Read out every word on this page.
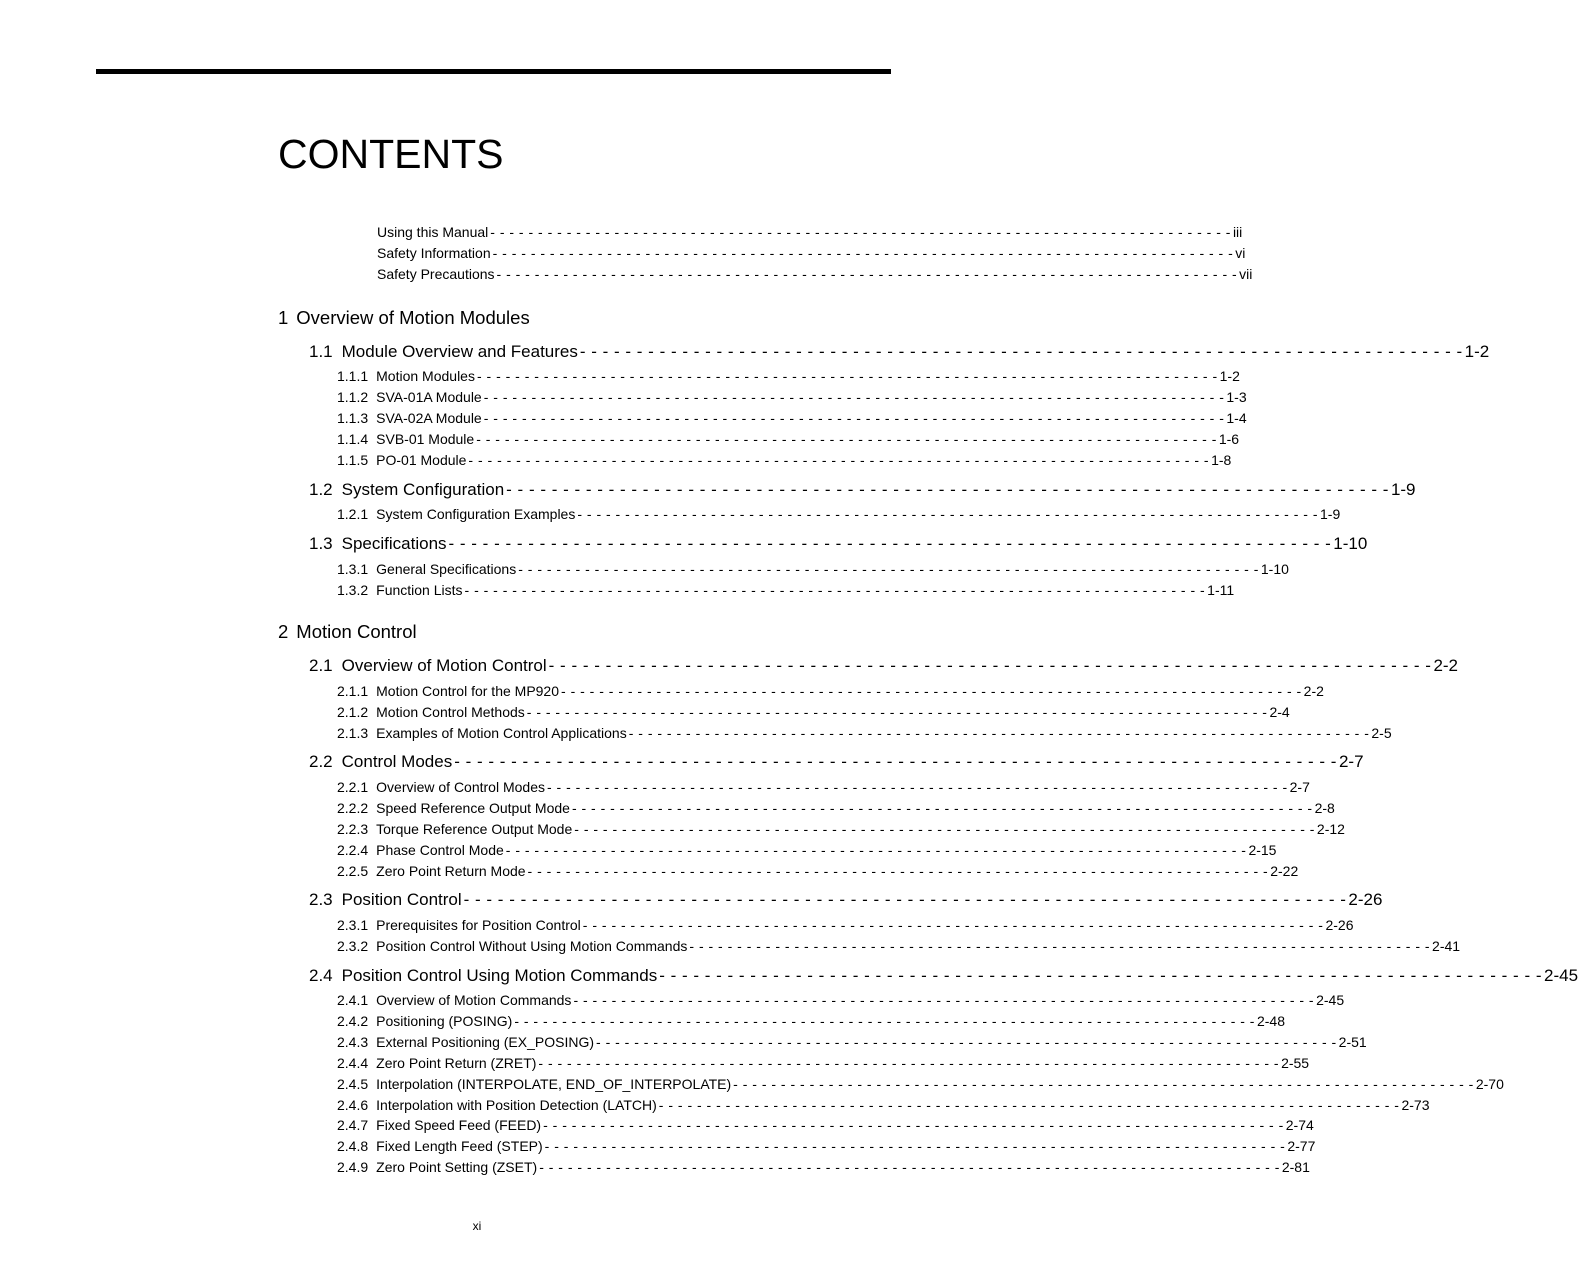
CONTENTS
Using this Manual - - - - - - - - - - - - - - - - - - - - - - - - - - - - - - - - - - - - - - - - - - - - - - - - - - - - - - - - - - - - - - - - - - - - - - - - - - - - - - iii
Safety Information - - - - - - - - - - - - - - - - - - - - - - - - - - - - - - - - - - - - - - - - - - - - - - - - - - - - - - - - - - - - - - - - - - - - - - - - - - - - - - vi
Safety Precautions - - - - - - - - - - - - - - - - - - - - - - - - - - - - - - - - - - - - - - - - - - - - - - - - - - - - - - - - - - - - - - - - - - - - - - - - - - - - - - vii
1 Overview of Motion Modules
1.1 Module Overview and Features - - - - - - - - - - - - - - - - - - - - - - - - - - - - - - - - - - - - - - - - - - - - - - - - - - - - - - - - - - - - - - - - - - - - - - - - - - - - - - 1-2
1.1.1 Motion Modules - - - - - - - - - - - - - - - - - - - - - - - - - - - - - - - - - - - - - - - - - - - - - - - - - - - - - - - - - - - - - - - - - - - - - - - - - - - - - - 1-2
1.1.2 SVA-01A Module - - - - - - - - - - - - - - - - - - - - - - - - - - - - - - - - - - - - - - - - - - - - - - - - - - - - - - - - - - - - - - - - - - - - - - - - - - - - - - 1-3
1.1.3 SVA-02A Module - - - - - - - - - - - - - - - - - - - - - - - - - - - - - - - - - - - - - - - - - - - - - - - - - - - - - - - - - - - - - - - - - - - - - - - - - - - - - - 1-4
1.1.4 SVB-01 Module - - - - - - - - - - - - - - - - - - - - - - - - - - - - - - - - - - - - - - - - - - - - - - - - - - - - - - - - - - - - - - - - - - - - - - - - - - - - - - 1-6
1.1.5 PO-01 Module - - - - - - - - - - - - - - - - - - - - - - - - - - - - - - - - - - - - - - - - - - - - - - - - - - - - - - - - - - - - - - - - - - - - - - - - - - - - - - 1-8
1.2 System Configuration - - - - - - - - - - - - - - - - - - - - - - - - - - - - - - - - - - - - - - - - - - - - - - - - - - - - - - - - - - - - - - - - - - - - - - - - - - - - - - 1-9
1.2.1 System Configuration Examples - - - - - - - - - - - - - - - - - - - - - - - - - - - - - - - - - - - - - - - - - - - - - - - - - - - - - - - - - - - - - - - - - - - - - - - - - - - - - - 1-9
1.3 Specifications - - - - - - - - - - - - - - - - - - - - - - - - - - - - - - - - - - - - - - - - - - - - - - - - - - - - - - - - - - - - - - - - - - - - - - - - - - - - - - 1-10
1.3.1 General Specifications - - - - - - - - - - - - - - - - - - - - - - - - - - - - - - - - - - - - - - - - - - - - - - - - - - - - - - - - - - - - - - - - - - - - - - - - - - - - - - 1-10
1.3.2 Function Lists - - - - - - - - - - - - - - - - - - - - - - - - - - - - - - - - - - - - - - - - - - - - - - - - - - - - - - - - - - - - - - - - - - - - - - - - - - - - - - 1-11
2 Motion Control
2.1 Overview of Motion Control - - - - - - - - - - - - - - - - - - - - - - - - - - - - - - - - - - - - - - - - - - - - - - - - - - - - - - - - - - - - - - - - - - - - - - - - - - - - - - 2-2
2.1.1 Motion Control for the MP920 - - - - - - - - - - - - - - - - - - - - - - - - - - - - - - - - - - - - - - - - - - - - - - - - - - - - - - - - - - - - - - - - - - - - - - - - - - - - - - 2-2
2.1.2 Motion Control Methods - - - - - - - - - - - - - - - - - - - - - - - - - - - - - - - - - - - - - - - - - - - - - - - - - - - - - - - - - - - - - - - - - - - - - - - - - - - - - - 2-4
2.1.3 Examples of Motion Control Applications - - - - - - - - - - - - - - - - - - - - - - - - - - - - - - - - - - - - - - - - - - - - - - - - - - - - - - - - - - - - - - - - - - - - - - - - - - - - - - 2-5
2.2 Control Modes - - - - - - - - - - - - - - - - - - - - - - - - - - - - - - - - - - - - - - - - - - - - - - - - - - - - - - - - - - - - - - - - - - - - - - - - - - - - - - 2-7
2.2.1 Overview of Control Modes - - - - - - - - - - - - - - - - - - - - - - - - - - - - - - - - - - - - - - - - - - - - - - - - - - - - - - - - - - - - - - - - - - - - - - - - - - - - - - 2-7
2.2.2 Speed Reference Output Mode - - - - - - - - - - - - - - - - - - - - - - - - - - - - - - - - - - - - - - - - - - - - - - - - - - - - - - - - - - - - - - - - - - - - - - - - - - - - - - 2-8
2.2.3 Torque Reference Output Mode - - - - - - - - - - - - - - - - - - - - - - - - - - - - - - - - - - - - - - - - - - - - - - - - - - - - - - - - - - - - - - - - - - - - - - - - - - - - - - 2-12
2.2.4 Phase Control Mode - - - - - - - - - - - - - - - - - - - - - - - - - - - - - - - - - - - - - - - - - - - - - - - - - - - - - - - - - - - - - - - - - - - - - - - - - - - - - - 2-15
2.2.5 Zero Point Return Mode - - - - - - - - - - - - - - - - - - - - - - - - - - - - - - - - - - - - - - - - - - - - - - - - - - - - - - - - - - - - - - - - - - - - - - - - - - - - - - 2-22
2.3 Position Control - - - - - - - - - - - - - - - - - - - - - - - - - - - - - - - - - - - - - - - - - - - - - - - - - - - - - - - - - - - - - - - - - - - - - - - - - - - - - - 2-26
2.3.1 Prerequisites for Position Control - - - - - - - - - - - - - - - - - - - - - - - - - - - - - - - - - - - - - - - - - - - - - - - - - - - - - - - - - - - - - - - - - - - - - - - - - - - - - - 2-26
2.3.2 Position Control Without Using Motion Commands - - - - - - - - - - - - - - - - - - - - - - - - - - - - - - - - - - - - - - - - - - - - - - - - - - - - - - - - - - - - - - - - - - - - - - - - - - - - - - 2-41
2.4 Position Control Using Motion Commands - - - - - - - - - - - - - - - - - - - - - - - - - - - - - - - - - - - - - - - - - - - - - - - - - - - - - - - - - - - - - - - - - - - - - - - - - - - - - - 2-45
2.4.1 Overview of Motion Commands - - - - - - - - - - - - - - - - - - - - - - - - - - - - - - - - - - - - - - - - - - - - - - - - - - - - - - - - - - - - - - - - - - - - - - - - - - - - - - 2-45
2.4.2 Positioning (POSING) - - - - - - - - - - - - - - - - - - - - - - - - - - - - - - - - - - - - - - - - - - - - - - - - - - - - - - - - - - - - - - - - - - - - - - - - - - - - - - 2-48
2.4.3 External Positioning (EX_POSING) - - - - - - - - - - - - - - - - - - - - - - - - - - - - - - - - - - - - - - - - - - - - - - - - - - - - - - - - - - - - - - - - - - - - - - - - - - - - - - 2-51
2.4.4 Zero Point Return (ZRET) - - - - - - - - - - - - - - - - - - - - - - - - - - - - - - - - - - - - - - - - - - - - - - - - - - - - - - - - - - - - - - - - - - - - - - - - - - - - - - 2-55
2.4.5 Interpolation (INTERPOLATE, END_OF_INTERPOLATE) - - - - - - - - - - - - - - - - - - - - - - - - - - - - - - - - - - - - - - - - - - - - - - - - - - - - - - - - - - - - - - - - - - - - - - - - - - - - - - 2-70
2.4.6 Interpolation with Position Detection (LATCH) - - - - - - - - - - - - - - - - - - - - - - - - - - - - - - - - - - - - - - - - - - - - - - - - - - - - - - - - - - - - - - - - - - - - - - - - - - - - - - 2-73
2.4.7 Fixed Speed Feed (FEED) - - - - - - - - - - - - - - - - - - - - - - - - - - - - - - - - - - - - - - - - - - - - - - - - - - - - - - - - - - - - - - - - - - - - - - - - - - - - - - 2-74
2.4.8 Fixed Length Feed (STEP) - - - - - - - - - - - - - - - - - - - - - - - - - - - - - - - - - - - - - - - - - - - - - - - - - - - - - - - - - - - - - - - - - - - - - - - - - - - - - - 2-77
2.4.9 Zero Point Setting (ZSET) - - - - - - - - - - - - - - - - - - - - - - - - - - - - - - - - - - - - - - - - - - - - - - - - - - - - - - - - - - - - - - - - - - - - - - - - - - - - - - 2-81
xi
